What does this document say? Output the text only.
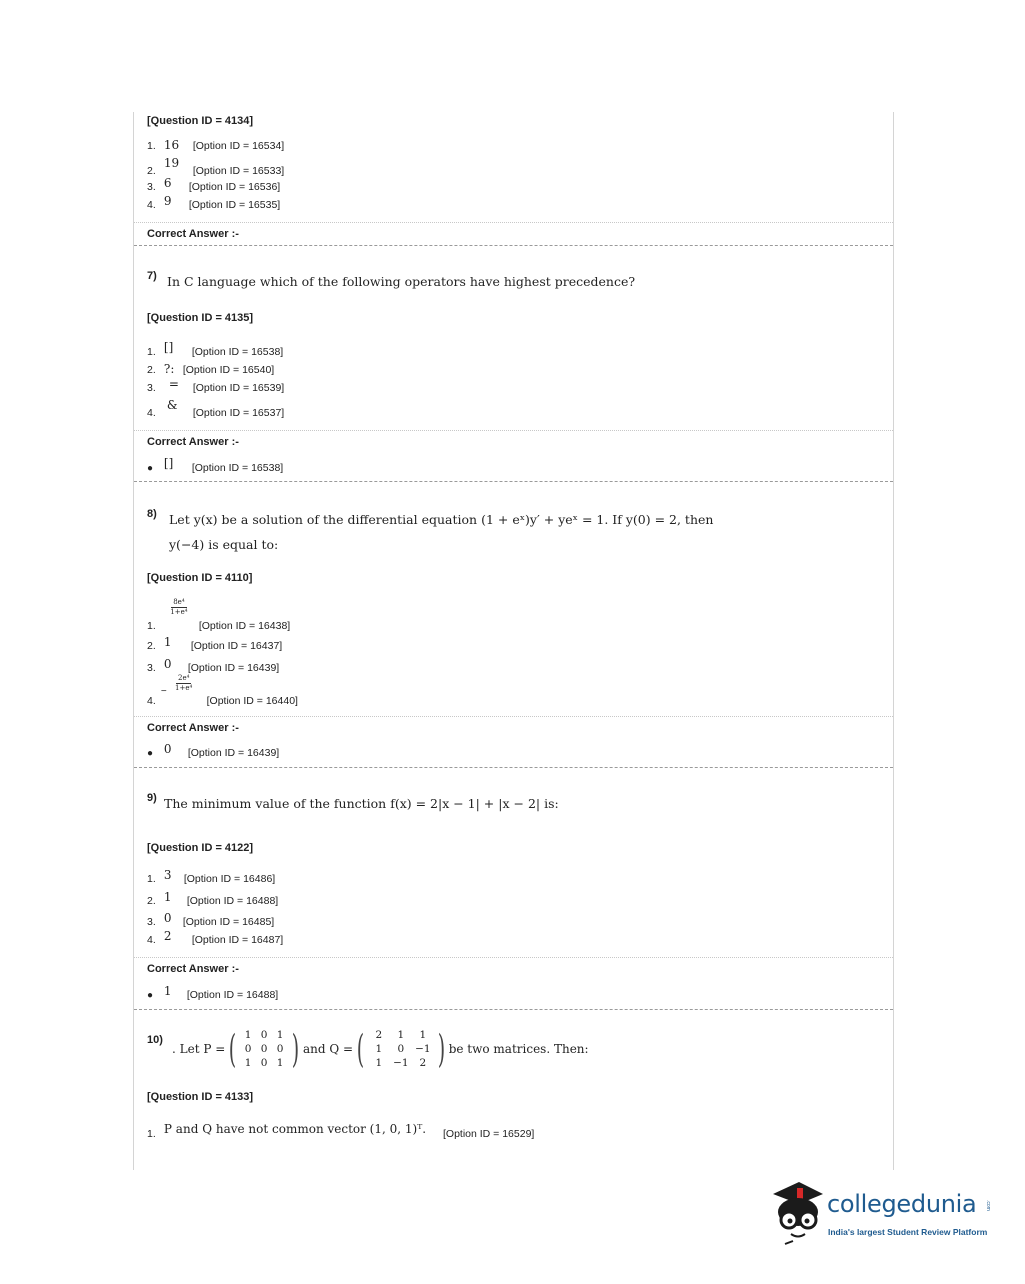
[Question ID = 4134]
1. 16 [Option ID = 16534]
2. 19 [Option ID = 16533]
3. 6 [Option ID = 16536]
4. 9 [Option ID = 16535]
Correct Answer :-
7) In C language which of the following operators have highest precedence?
[Question ID = 4135]
1. [] [Option ID = 16538]
2. ?: [Option ID = 16540]
3. = [Option ID = 16539]
4. & [Option ID = 16537]
Correct Answer :-
● [] [Option ID = 16538]
8) Let y(x) be a solution of the differential equation (1 + eˣ)y′ + yeˣ = 1. If y(0) = 2, then
y(−4) is equal to:
[Question ID = 4110]
1.
$\frac{\text{8e⁴}}{\text{1+e⁴}}$
[Option ID = 16438]
2. 1 [Option ID = 16437]
3. 0 [Option ID = 16439]
4. − $\frac{\text{2e⁴}}{\text{1+e⁴}}$
[Option ID = 16440]
Correct Answer :-
● 0 [Option ID = 16439]
9) The minimum value of the function f(x) = 2|x − 1| + |x − 2| is:
[Question ID = 4122]
1. 3 [Option ID = 16486]
2. 1 [Option ID = 16488]
3. 0 [Option ID = 16485]
4. 2 [Option ID = 16487]
Correct Answer :-
● 1 [Option ID = 16488]
10)
. Let P = ( 1 0 1
0 0 0
1 0 1 ) and Q = (	2	1	1
1	0	−1
1	−1	2 ) be two matrices. Then:
[Question ID = 4133]
1. P and Q have not common vector (1, 0, 1)ᵀ. [Option ID = 16529]
collegedunia .com
India's largest Student Review Platform
